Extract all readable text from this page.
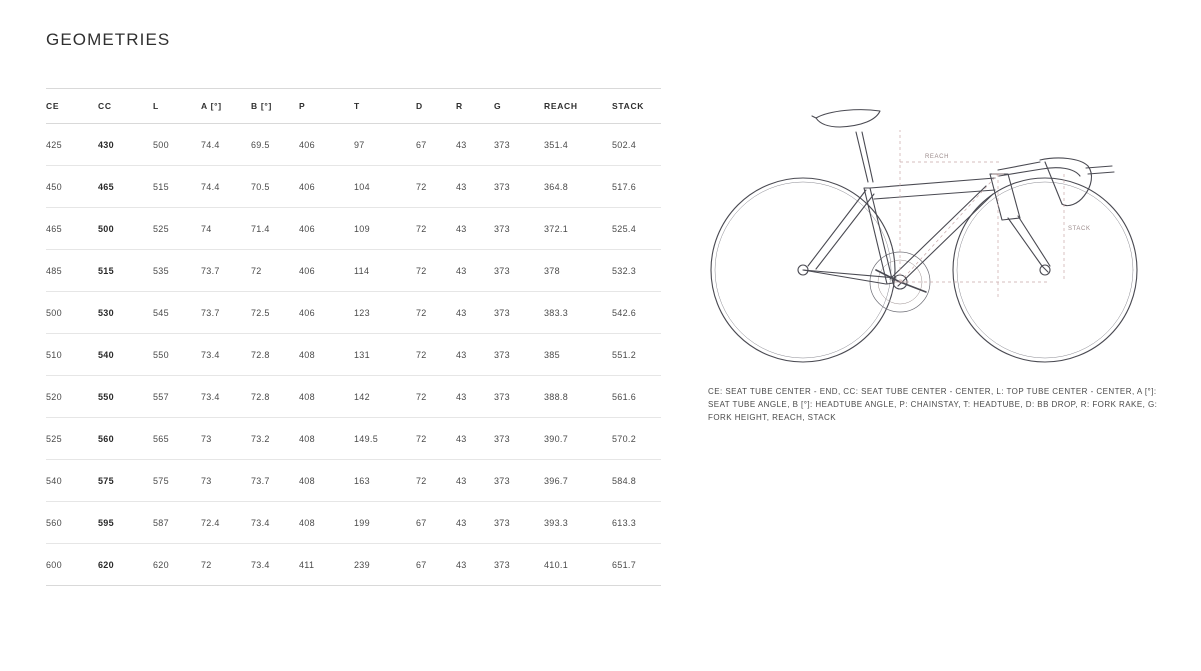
GEOMETRIES
CE	CC	L	A [°]	B [°]	P	T	D	R	G	REACH	STACK
425	430	500	74.4	69.5	406	97	67	43	373	351.4	502.4
450	465	515	74.4	70.5	406	104	72	43	373	364.8	517.6
465	500	525	74	71.4	406	109	72	43	373	372.1	525.4
485	515	535	73.7	72	406	114	72	43	373	378	532.3
500	530	545	73.7	72.5	406	123	72	43	373	383.3	542.6
510	540	550	73.4	72.8	408	131	72	43	373	385	551.2
520	550	557	73.4	72.8	408	142	72	43	373	388.8	561.6
525	560	565	73	73.2	408	149.5	72	43	373	390.7	570.2
540	575	575	73	73.7	408	163	72	43	373	396.7	584.8
560	595	587	72.4	73.4	408	199	67	43	373	393.3	613.3
600	620	620	72	73.4	411	239	67	43	373	410.1	651.7
REACH
STACK
CE: SEAT TUBE CENTER - END, CC: SEAT TUBE CENTER - CENTER, L: TOP TUBE CENTER - CENTER, A [°]: SEAT TUBE ANGLE, B [°]: HEADTUBE ANGLE, P: CHAINSTAY, T: HEADTUBE, D: BB DROP, R: FORK RAKE, G: FORK HEIGHT, REACH, STACK
